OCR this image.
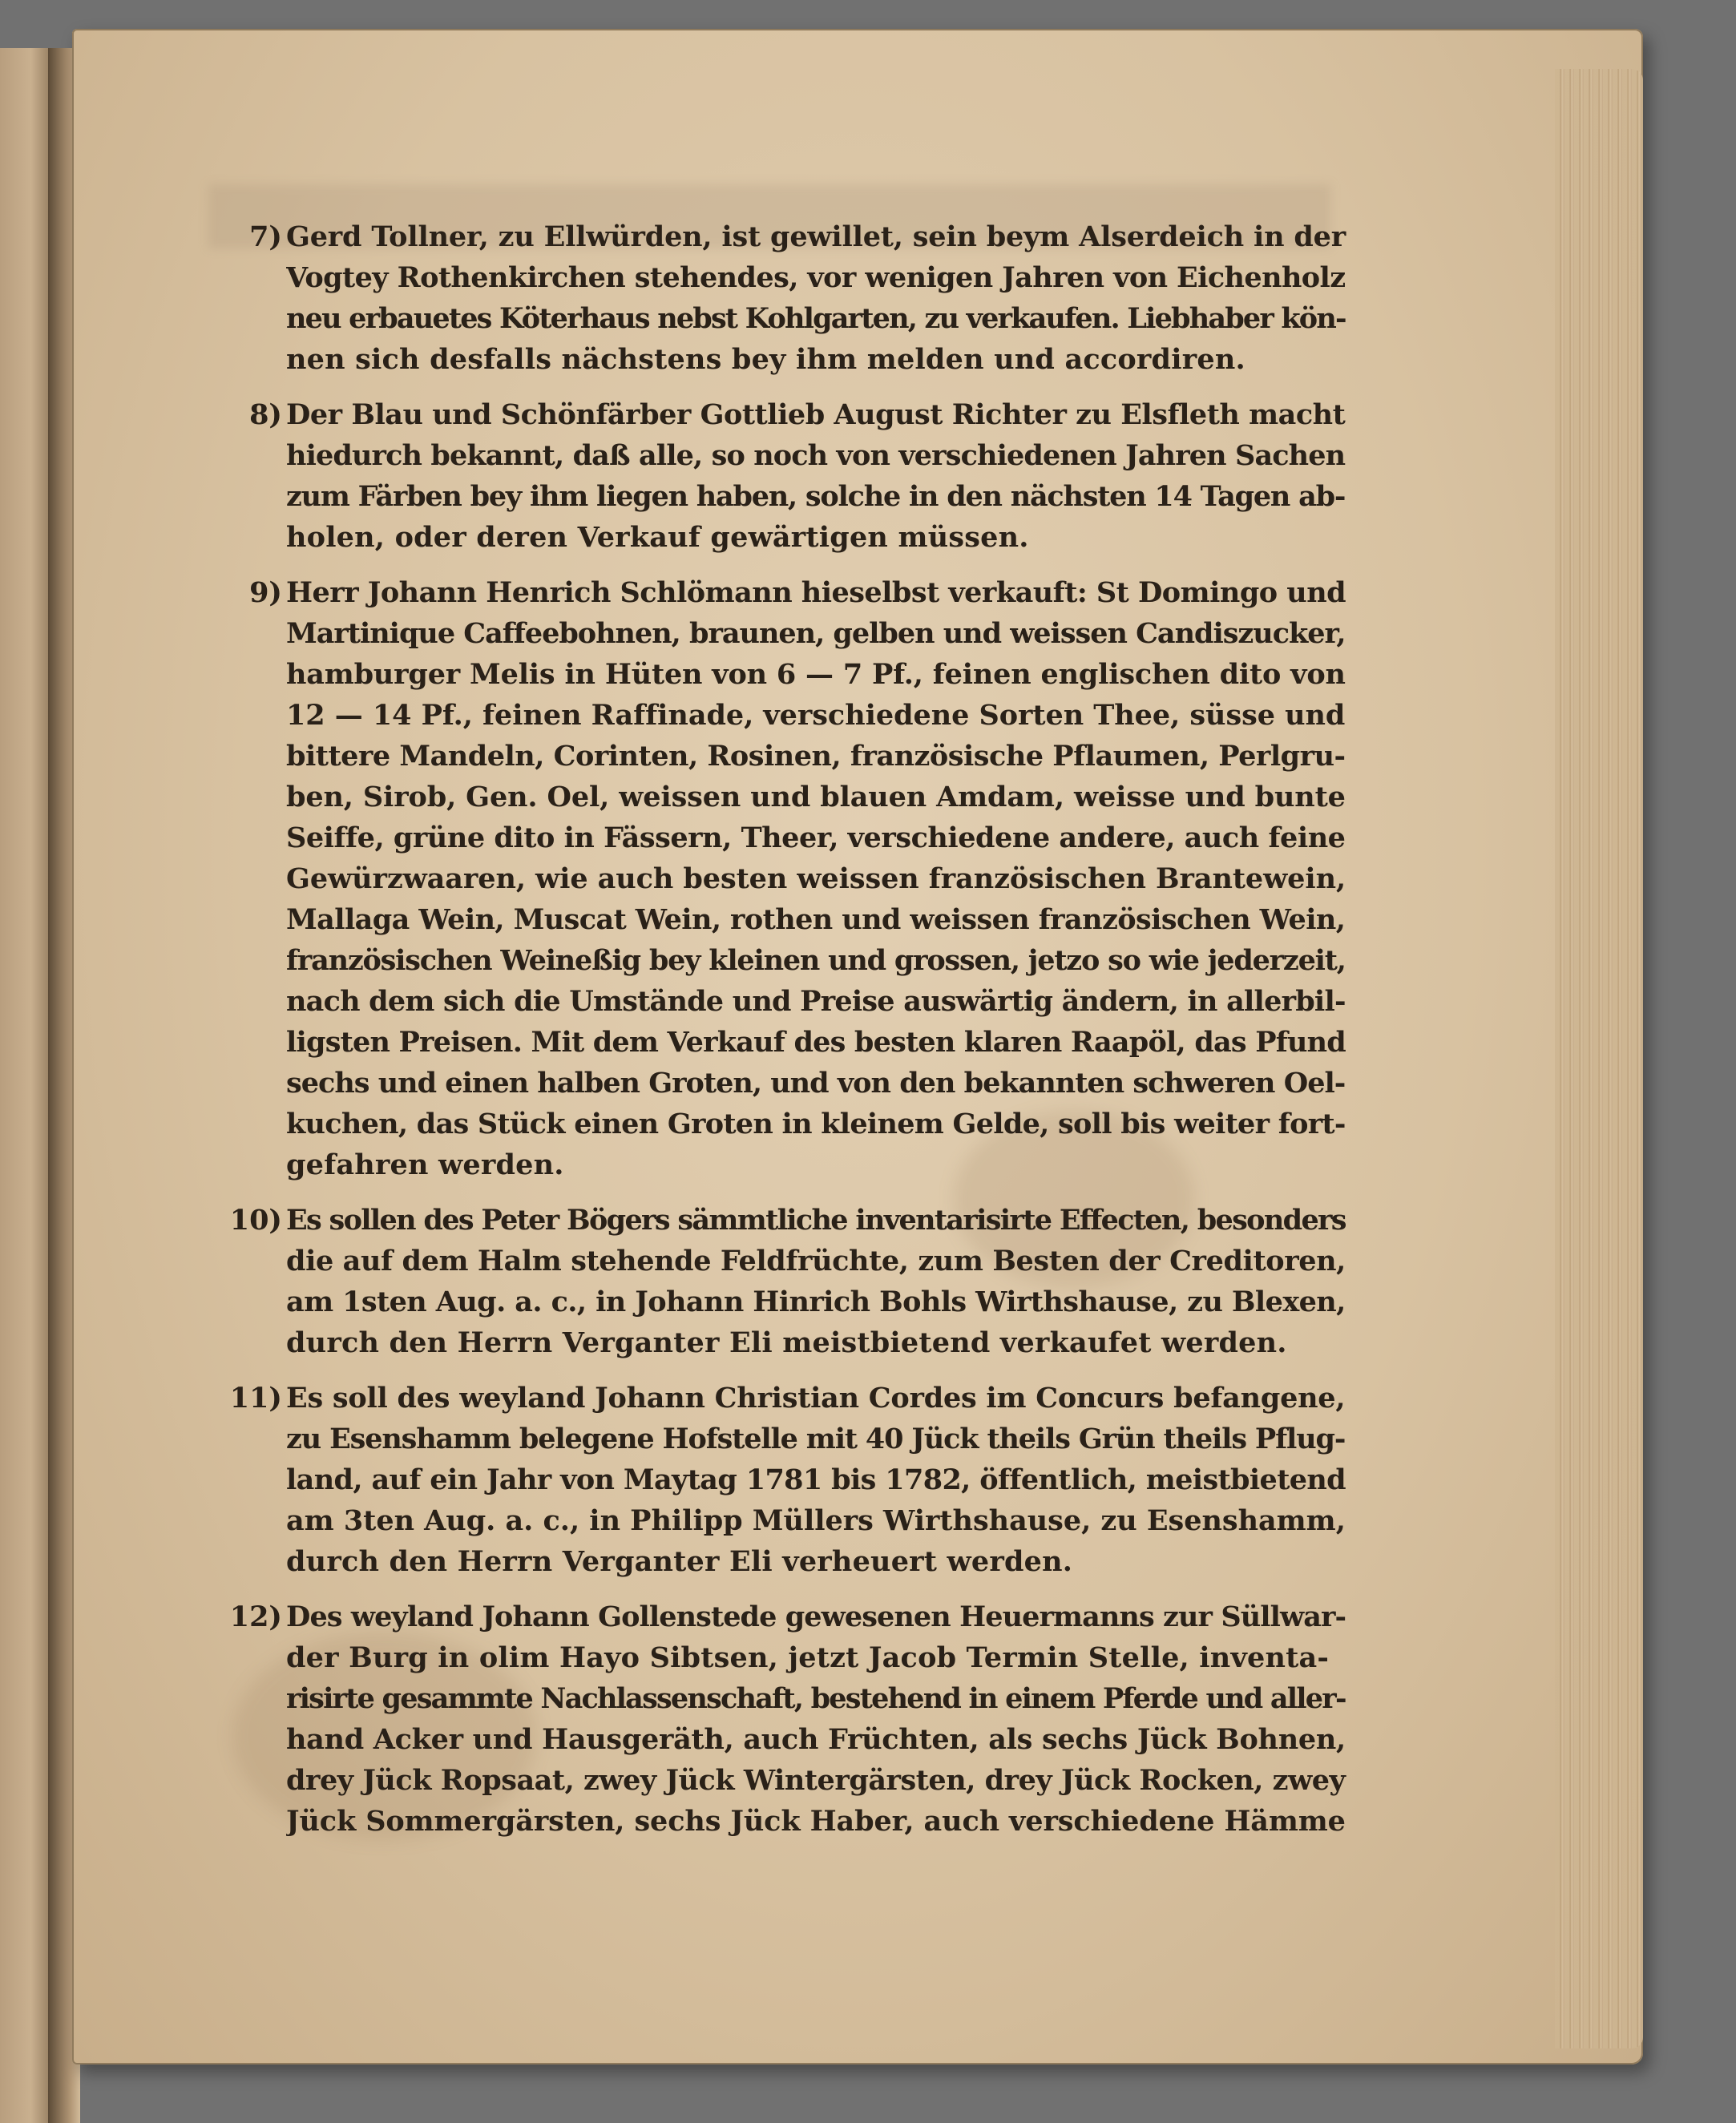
7) Gerd Tollner, zu Ellwürden, ist gewillet, sein beym Alserdeich in der
Vogtey Rothenkirchen stehendes, vor wenigen Jahren von Eichenholz
neu erbauetes Köterhaus nebst Kohlgarten, zu verkaufen. Liebhaber kön-
nen sich desfalls nächstens bey ihm melden und accordiren.
8) Der Blau und Schönfärber Gottlieb August Richter zu Elsfleth macht
hiedurch bekannt, daß alle, so noch von verschiedenen Jahren Sachen
zum Färben bey ihm liegen haben, solche in den nächsten 14 Tagen ab-
holen, oder deren Verkauf gewärtigen müssen.
9) Herr Johann Henrich Schlömann hieselbst verkauft: St Domingo und
Martinique Caffeebohnen, braunen, gelben und weissen Candiszucker,
hamburger Melis in Hüten von 6 — 7 Pf., feinen englischen dito von
12 — 14 Pf., feinen Raffinade, verschiedene Sorten Thee, süsse und
bittere Mandeln, Corinten, Rosinen, französische Pflaumen, Perlgru-
ben, Sirob, Gen. Oel, weissen und blauen Amdam, weisse und bunte
Seiffe, grüne dito in Fässern, Theer, verschiedene andere, auch feine
Gewürzwaaren, wie auch besten weissen französischen Brantewein,
Mallaga Wein, Muscat Wein, rothen und weissen französischen Wein,
französischen Weineßig bey kleinen und grossen, jetzo so wie jederzeit,
nach dem sich die Umstände und Preise auswärtig ändern, in allerbil-
ligsten Preisen. Mit dem Verkauf des besten klaren Raapöl, das Pfund
sechs und einen halben Groten, und von den bekannten schweren Oel-
kuchen, das Stück einen Groten in kleinem Gelde, soll bis weiter fort-
gefahren werden.
10) Es sollen des Peter Bögers sämmtliche inventarisirte Effecten, besonders
die auf dem Halm stehende Feldfrüchte, zum Besten der Creditoren,
am 1sten Aug. a. c., in Johann Hinrich Bohls Wirthshause, zu Blexen,
durch den Herrn Verganter Eli meistbietend verkaufet werden.
11) Es soll des weyland Johann Christian Cordes im Concurs befangene,
zu Esenshamm belegene Hofstelle mit 40 Jück theils Grün theils Pflug-
land, auf ein Jahr von Maytag 1781 bis 1782, öffentlich, meistbietend
am 3ten Aug. a. c., in Philipp Müllers Wirthshause, zu Esenshamm,
durch den Herrn Verganter Eli verheuert werden.
12) Des weyland Johann Gollenstede gewesenen Heuermanns zur Süllwar-
der Burg in olim Hayo Sibtsen, jetzt Jacob Termin Stelle, inventa-
risirte gesammte Nachlassenschaft, bestehend in einem Pferde und aller-
hand Acker und Hausgeräth, auch Früchten, als sechs Jück Bohnen,
drey Jück Ropsaat, zwey Jück Wintergärsten, drey Jück Rocken, zwey
Jück Sommergärsten, sechs Jück Haber, auch verschiedene Hämme
